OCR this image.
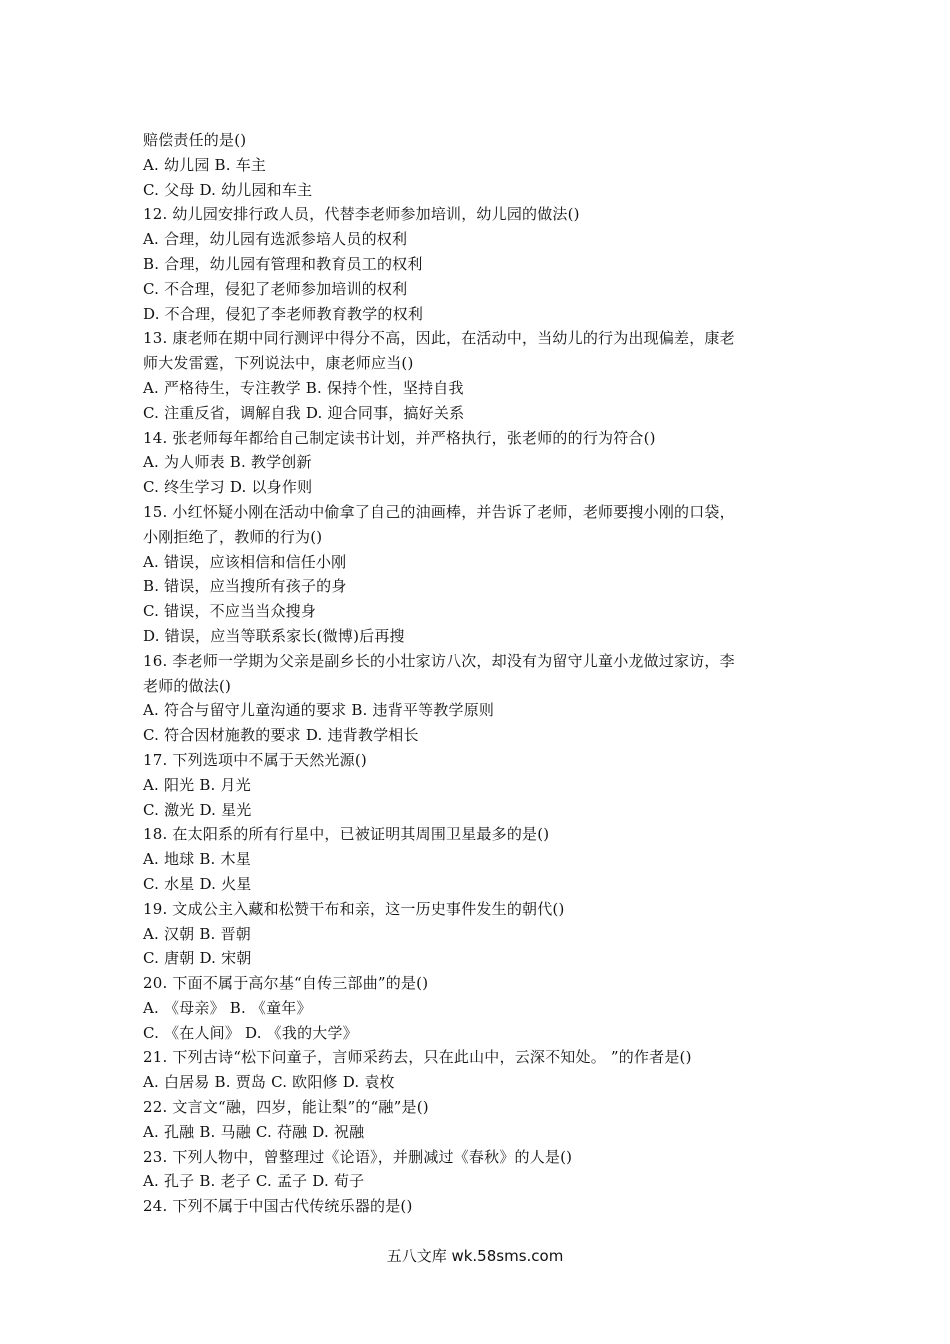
赔偿责任的是()
A. 幼儿园 B. 车主
C. 父母 D. 幼儿园和车主
12. 幼儿园安排行政人员，代替李老师参加培训，幼儿园的做法()
A. 合理，幼儿园有选派参培人员的权利
B. 合理，幼儿园有管理和教育员工的权利
C. 不合理，侵犯了老师参加培训的权利
D. 不合理，侵犯了李老师教育教学的权利
13. 康老师在期中同行测评中得分不高，因此，在活动中，当幼儿的行为出现偏差，康老
师大发雷霆，下列说法中，康老师应当()
A. 严格待生，专注教学 B. 保持个性，坚持自我
C. 注重反省，调解自我 D. 迎合同事，搞好关系
14. 张老师每年都给自己制定读书计划，并严格执行，张老师的的行为符合()
A. 为人师表 B. 教学创新
C. 终生学习 D. 以身作则
15. 小红怀疑小刚在活动中偷拿了自己的油画棒，并告诉了老师，老师要搜小刚的口袋，
小刚拒绝了，教师的行为()
A. 错误，应该相信和信任小刚
B. 错误，应当搜所有孩子的身
C. 错误，不应当当众搜身
D. 错误，应当等联系家长(微博)后再搜
16. 李老师一学期为父亲是副乡长的小壮家访八次，却没有为留守儿童小龙做过家访，李
老师的做法()
A. 符合与留守儿童沟通的要求 B. 违背平等教学原则
C. 符合因材施教的要求 D. 违背教学相长
17. 下列选项中不属于天然光源()
A. 阳光 B. 月光
C. 激光 D. 星光
18. 在太阳系的所有行星中，已被证明其周围卫星最多的是()
A. 地球 B. 木星
C. 水星 D. 火星
19. 文成公主入藏和松赞干布和亲，这一历史事件发生的朝代()
A. 汉朝 B. 晋朝
C. 唐朝 D. 宋朝
20. 下面不属于高尔基“自传三部曲”的是()
A. 《母亲》 B. 《童年》
C. 《在人间》 D. 《我的大学》
21. 下列古诗“松下问童子，言师采药去，只在此山中，云深不知处。 ”的作者是()
A. 白居易 B. 贾岛 C. 欧阳修 D. 袁枚
22. 文言文“融，四岁，能让梨”的“融”是()
A. 孔融 B. 马融 C. 苻融 D. 祝融
23. 下列人物中，曾整理过《论语》，并删减过《春秋》的人是()
A. 孔子 B. 老子 C. 孟子 D. 荀子
24. 下列不属于中国古代传统乐器的是()
五八文库 wk.58sms.com
